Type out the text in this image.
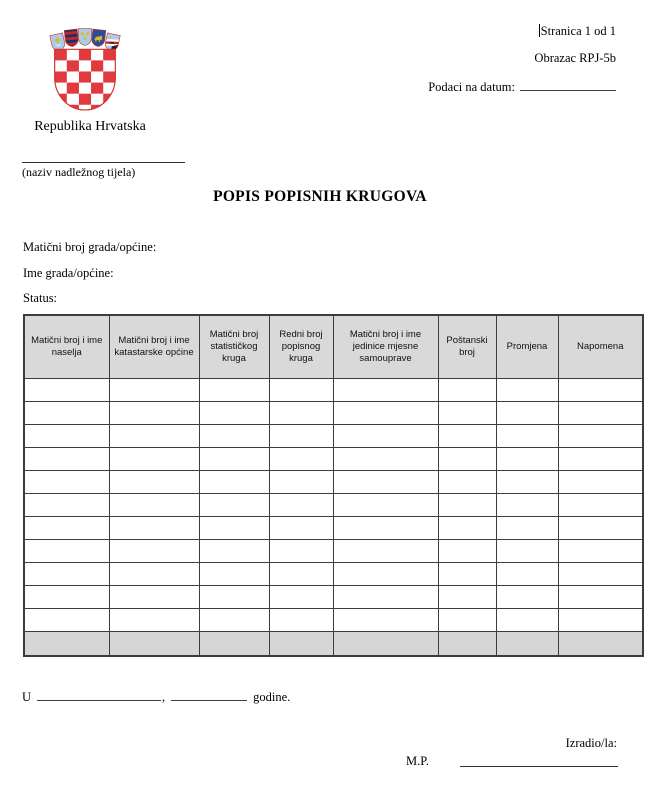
Stranica 1 od 1
Obrazac RPJ-5b
Podaci na datum:
Republika Hrvatska
(naziv nadležnog tijela)
POPIS POPISNIH KRUGOVA
Matični broj grada/općine:
Ime grada/općine:
Status:
Matični broj i ime naselja	Matični broj i ime katastarske općine	Matični broj statističkog kruga	Redni broj popisnog kruga	Matični broj i ime jedinice mjesne samouprave	Poštanski broj	Promjena	Napomena

U	,	godine.
Izradio/la:
M.P.
